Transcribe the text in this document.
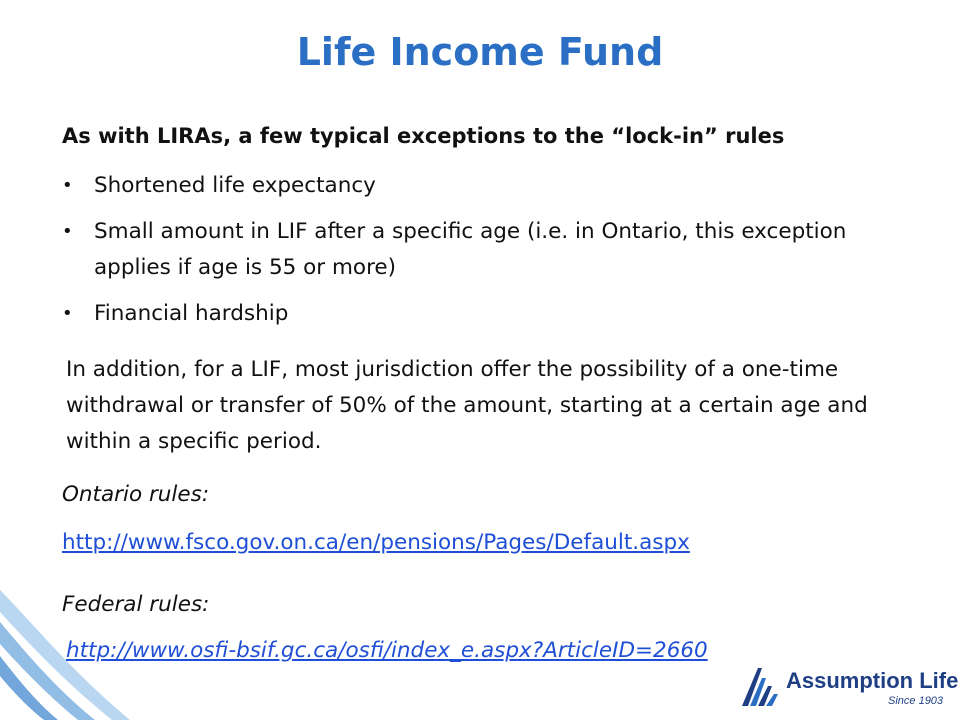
Life Income Fund
As with LIRAs, a few typical exceptions to the “lock-in” rules
• Shortened life expectancy
• Small amount in LIF after a specific age (i.e. in Ontario, this exception applies if age is 55 or more)
• Financial hardship
In addition, for a LIF, most jurisdiction offer the possibility of a one-time withdrawal or transfer of 50% of the amount, starting at a certain age and within a specific period.
Ontario rules:
http://www.fsco.gov.on.ca/en/pensions/Pages/Default.aspx
Federal rules:
http://www.osfi-bsif.gc.ca/osfi/index_e.aspx?ArticleID=2660
Assumption Life
Since 1903
